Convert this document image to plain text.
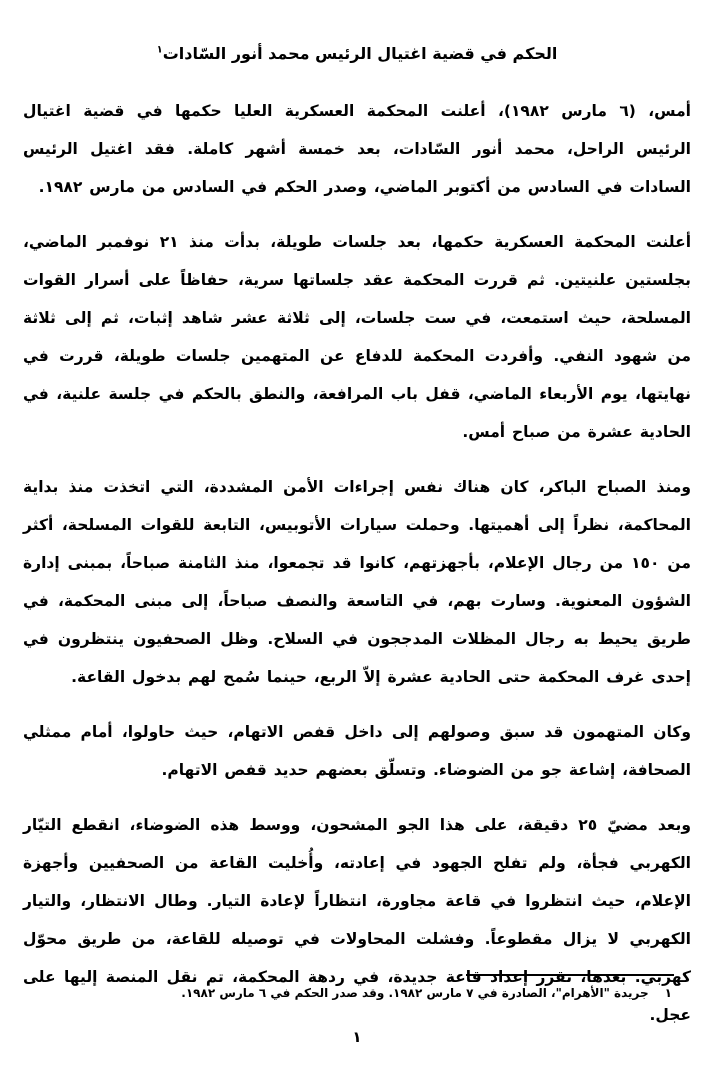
الحكم في قضية اغتيال الرئيس محمد أنور السّادات$^١$

أمس، (٦ مارس ١٩٨٢)، أعلنت المحكمة العسكرية العليا حكمها في قضية اغتيال الرئيس الراحل، محمد أنور السّادات، بعد خمسة أشهر كاملة. فقد اغتيل الرئيس السادات في السادس من أكتوبر الماضي، وصدر الحكم في السادس من مارس ١٩٨٢.

أعلنت المحكمة العسكرية حكمها، بعد جلسات طويلة، بدأت منذ ٢١ نوفمبر الماضي، بجلستين علنيتين. ثم قررت المحكمة عقد جلساتها سرية، حفاظاً على أسرار القوات المسلحة، حيث استمعت، في ست جلسات، إلى ثلاثة عشر شاهد إثبات، ثم إلى ثلاثة من شهود النفي. وأفردت المحكمة للدفاع عن المتهمين جلسات طويلة، قررت في نهايتها، يوم الأربعاء الماضي، قفل باب المرافعة، والنطق بالحكم في جلسة علنية، في الحادية عشرة من صباح أمس.

ومنذ الصباح الباكر، كان هناك نفس إجراءات الأمن المشددة، التي اتخذت منذ بداية المحاكمة، نظراً إلى أهميتها. وحملت سيارات الأتوبيس، التابعة للقوات المسلحة، أكثر من ١٥٠ من رجال الإعلام، بأجهزتهم، كانوا قد تجمعوا، منذ الثامنة صباحاً، بمبنى إدارة الشؤون المعنوية. وسارت بهم، في التاسعة والنصف صباحاً، إلى مبنى المحكمة، في طريق يحيط به رجال المظلات المدججون في السلاح. وظل الصحفيون ينتظرون في إحدى غرف المحكمة حتى الحادية عشرة إلاّ الربع، حينما سُمح لهم بدخول القاعة.

وكان المتهمون قد سبق وصولهم إلى داخل قفص الاتهام، حيث حاولوا، أمام ممثلي الصحافة، إشاعة جو من الضوضاء. وتسلّق بعضهم حديد قفص الاتهام.

وبعد مضيّ ٢٥ دقيقة، على هذا الجو المشحون، ووسط هذه الضوضاء، انقطع التيّار الكهربي فجأة، ولم تفلح الجهود في إعادته، وأُخليت القاعة من الصحفيين وأجهزة الإعلام، حيث انتظروا في قاعة مجاورة، انتظاراً لإعادة التيار. وطال الانتظار، والتيار الكهربي لا يزال مقطوعاً. وفشلت المحاولات في توصيله للقاعة، من طريق محوّل كهربي. بعدها، تقرر إعداد قاعة جديدة، في ردهة المحكمة، تم نقل المنصة إليها على عجل.

١
جريدة "الأهرام"، الصادرة في ٧ مارس ١٩٨٢. وقد صدر الحكم في ٦ مارس ١٩٨٢.
١
